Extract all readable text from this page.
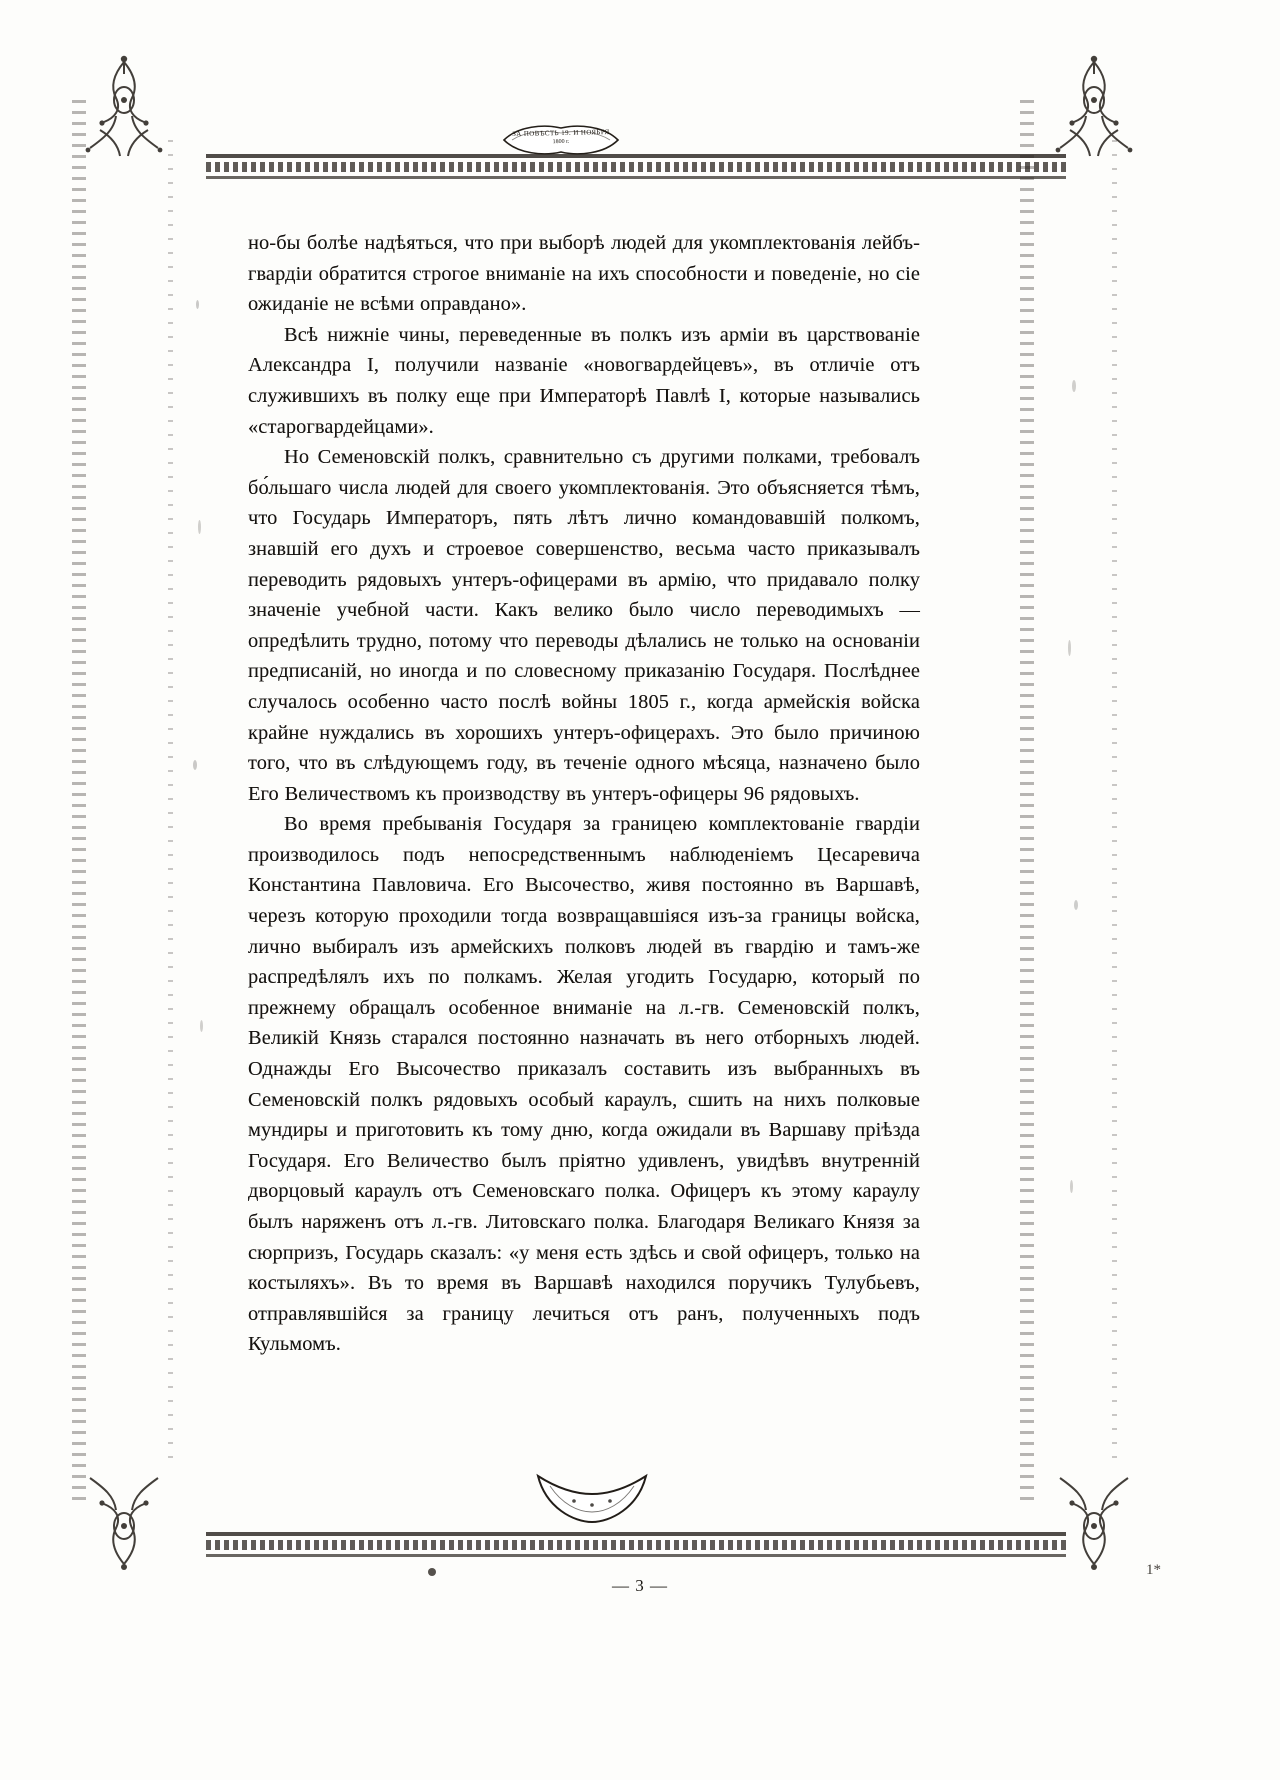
ЗА ПОВѢСТЬ 19. И НОЯБРЯ
1800 г.

но-бы болѣе надѣяться, что при выборѣ людей для укомплектованія лейбъ-гвардіи обратится строгое вниманіе на ихъ способности и поведеніе, но сіе ожиданіе не всѣми оправдано».

Всѣ нижніе чины, переведенные въ полкъ изъ арміи въ царствованіе Александра I, получили названіе «новогвардейцевъ», въ отличіе отъ служившихъ въ полку еще при Императорѣ Павлѣ I, которые назывались «старогвардейцами».

Но Семеновскій полкъ, сравнительно съ другими полками, требовалъ бо́льшаго числа людей для своего укомплектованія. Это объясняется тѣмъ, что Государь Императоръ, пять лѣтъ лично командовавшій полкомъ, знавшій его духъ и строевое совершенство, весьма часто приказывалъ переводить рядовыхъ унтеръ-офицерами въ армію, что придавало полку значеніе учебной части. Какъ велико было число переводимыхъ — опредѣлить трудно, потому что переводы дѣлались не только на основаніи предписаній, но иногда и по словесному приказанію Государя. Послѣднее случалось особенно часто послѣ войны 1805 г., когда армейскія войска крайне нуждались въ хорошихъ унтеръ-офицерахъ. Это было причиною того, что въ слѣдующемъ году, въ теченіе одного мѣсяца, назначено было Его Величествомъ къ производству въ унтеръ-офицеры 96 рядовыхъ.

Во время пребыванія Государя за границею комплектованіе гвардіи производилось подъ непосредственнымъ наблюденіемъ Цесаревича Константина Павловича. Его Высочество, живя постоянно въ Варшавѣ, черезъ которую проходили тогда возвращавшіяся изъ-за границы войска, лично выбиралъ изъ армейскихъ полковъ людей въ гвардію и тамъ-же распредѣлялъ ихъ по полкамъ. Желая угодить Государю, который по прежнему обращалъ особенное вниманіе на л.-гв. Семеновскій полкъ, Великій Князь старался постоянно назначать въ него отборныхъ людей. Однажды Его Высочество приказалъ составить изъ выбранныхъ въ Семеновскій полкъ рядовыхъ особый караулъ, сшить на нихъ полковые мундиры и приготовить къ тому дню, когда ожидали въ Варшаву пріѣзда Государя. Его Величество былъ пріятно удивленъ, увидѣвъ внутренній дворцовый караулъ отъ Семеновскаго полка. Офицеръ къ этому караулу былъ наряженъ отъ л.-гв. Литовскаго полка. Благодаря Великаго Князя за сюрпризъ, Государь сказалъ: «у меня есть здѣсь и свой офицеръ, только на костыляхъ». Въ то время въ Варшавѣ находился поручикъ Тулубьевъ, отправлявшійся за границу лечиться отъ ранъ, полученныхъ подъ Кульмомъ.

— 3 —
1*
